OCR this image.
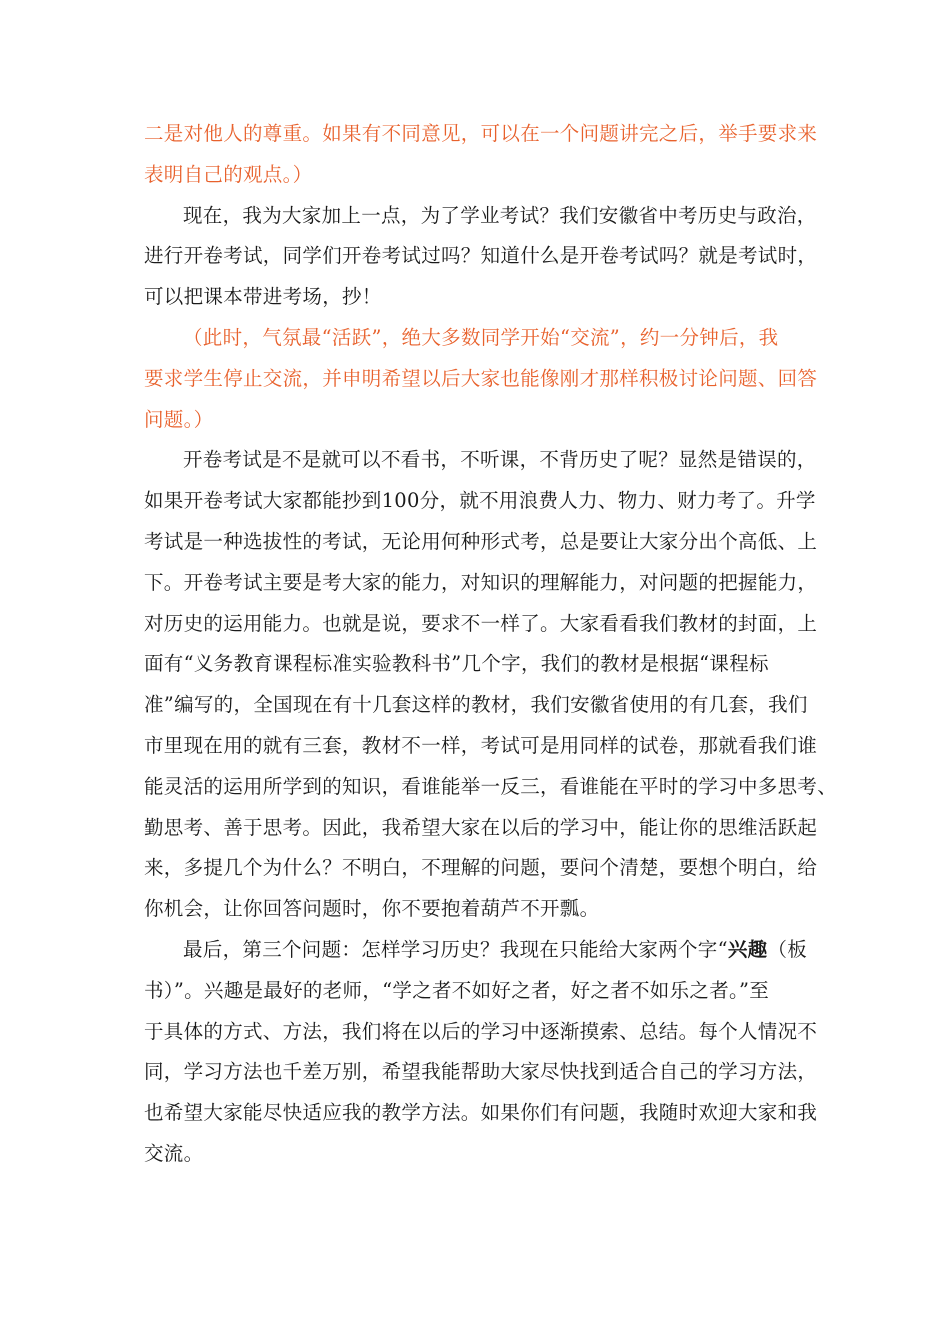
二是对他人的尊重。如果有不同意见，可以在一个问题讲完之后，举手要求来
表明自己的观点。）
现在，我为大家加上一点，为了学业考试？我们安徽省中考历史与政治，
进行开卷考试，同学们开卷考试过吗？知道什么是开卷考试吗？就是考试时，
可以把课本带进考场，抄！
（此时，气氛最“活跃”，绝大多数同学开始“交流”，约一分钟后，我
要求学生停止交流，并申明希望以后大家也能像刚才那样积极讨论问题、回答
问题。）
开卷考试是不是就可以不看书，不听课，不背历史了呢？显然是错误的，
如果开卷考试大家都能抄到100分，就不用浪费人力、物力、财力考了。升学
考试是一种选拔性的考试，无论用何种形式考，总是要让大家分出个高低、上
下。开卷考试主要是考大家的能力，对知识的理解能力，对问题的把握能力，
对历史的运用能力。也就是说，要求不一样了。大家看看我们教材的封面，上
面有“义务教育课程标准实验教科书”几个字，我们的教材是根据“课程标
准”编写的，全国现在有十几套这样的教材，我们安徽省使用的有几套，我们
市里现在用的就有三套，教材不一样，考试可是用同样的试卷，那就看我们谁
能灵活的运用所学到的知识，看谁能举一反三，看谁能在平时的学习中多思考、
勤思考、善于思考。因此，我希望大家在以后的学习中，能让你的思维活跃起
来，多提几个为什么？不明白，不理解的问题，要问个清楚，要想个明白，给
你机会，让你回答问题时，你不要抱着葫芦不开瓢。
最后，第三个问题：怎样学习历史？我现在只能给大家两个字“兴趣（板
书）”。兴趣是最好的老师，“学之者不如好之者，好之者不如乐之者。”至
于具体的方式、方法，我们将在以后的学习中逐渐摸索、总结。每个人情况不
同，学习方法也千差万别，希望我能帮助大家尽快找到适合自己的学习方法，
也希望大家能尽快适应我的教学方法。如果你们有问题，我随时欢迎大家和我
交流。
